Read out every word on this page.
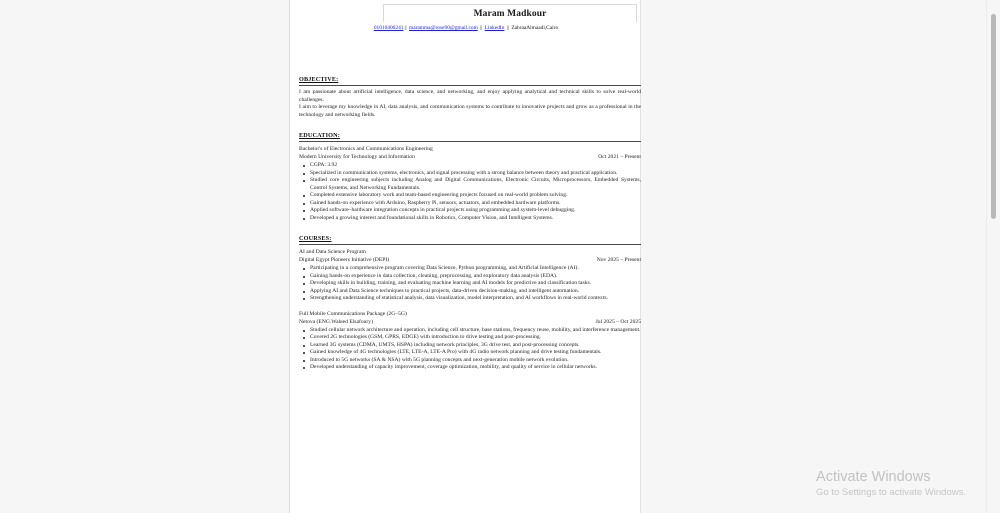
Maram Madkour
01010406241|| maramma@rose90@gmail.com || LinkedIn || ZahraaAlmaadi,Cairo
OBJECTIVE:
I am passionate about artificial intelligence, data science, and networking, and enjoy applying analytical and technical skills to solve real-world challenges.
I aim to leverage my knowledge in AI, data analysis, and communication systems to contribute to innovative projects and grow as a professional in the technology and networking fields.
EDUCATION:
Bachelor's of Electronics and Communications Engineering
Modern University for Technology and Information	Oct 2021 – Present
CGPA: 3.92
Specialized in communication systems, electronics, and signal processing with a strong balance between theory and practical application.
Studied core engineering subjects including Analog and Digital Communications, Electronic Circuits, Microprocessors, Embedded Systems, Control Systems, and Networking Fundamentals.
Completed extensive laboratory work and team-based engineering projects focused on real-world problem solving.
Gained hands-on experience with Arduino, Raspberry Pi, sensors, actuators, and embedded hardware platforms.
Applied software–hardware integration concepts in practical projects using programming and system-level debugging.
Developed a growing interest and foundational skills in Robotics, Computer Vision, and Intelligent Systems.
COURSES:
AI and Data Science Program
Digital Egypt Pioneers Initiative (DEPI)	Nov 2025 – Present
Participating in a comprehensive program covering Data Science, Python programming, and Artificial Intelligence (AI).
Gaining hands-on experience in data collection, cleaning, preprocessing, and exploratory data analysis (EDA).
Developing skills in building, training, and evaluating machine learning and AI models for predictive and classification tasks.
Applying AI and Data Science techniques to practical projects, data-driven decision-making, and intelligent automation.
Strengthening understanding of statistical analysis, data visualization, model interpretation, and AI workflows in real-world contexts.
Full Mobile Communications Package (2G–5G)
Netova (ENG.Waleed Elsafoury)	Jul 2025 – Oct 2025
Studied cellular network architecture and operation, including cell structure, base stations, frequency reuse, mobility, and interference management.
Covered 2G technologies (GSM, GPRS, EDGE) with introduction to drive testing and post-processing.
Learned 3G systems (CDMA, UMTS, HSPA) including network principles, 3G drive test, and post-processing concepts.
Gained knowledge of 4G technologies (LTE, LTE-A, LTE-A Pro) with 4G radio network planning and drive testing fundamentals.
Introduced to 5G networks (SA & NSA) with 5G planning concepts and next-generation mobile network evolution.
Developed understanding of capacity improvement, coverage optimization, mobility, and quality of service in cellular networks.
Activate Windows
Go to Settings to activate Windows.
